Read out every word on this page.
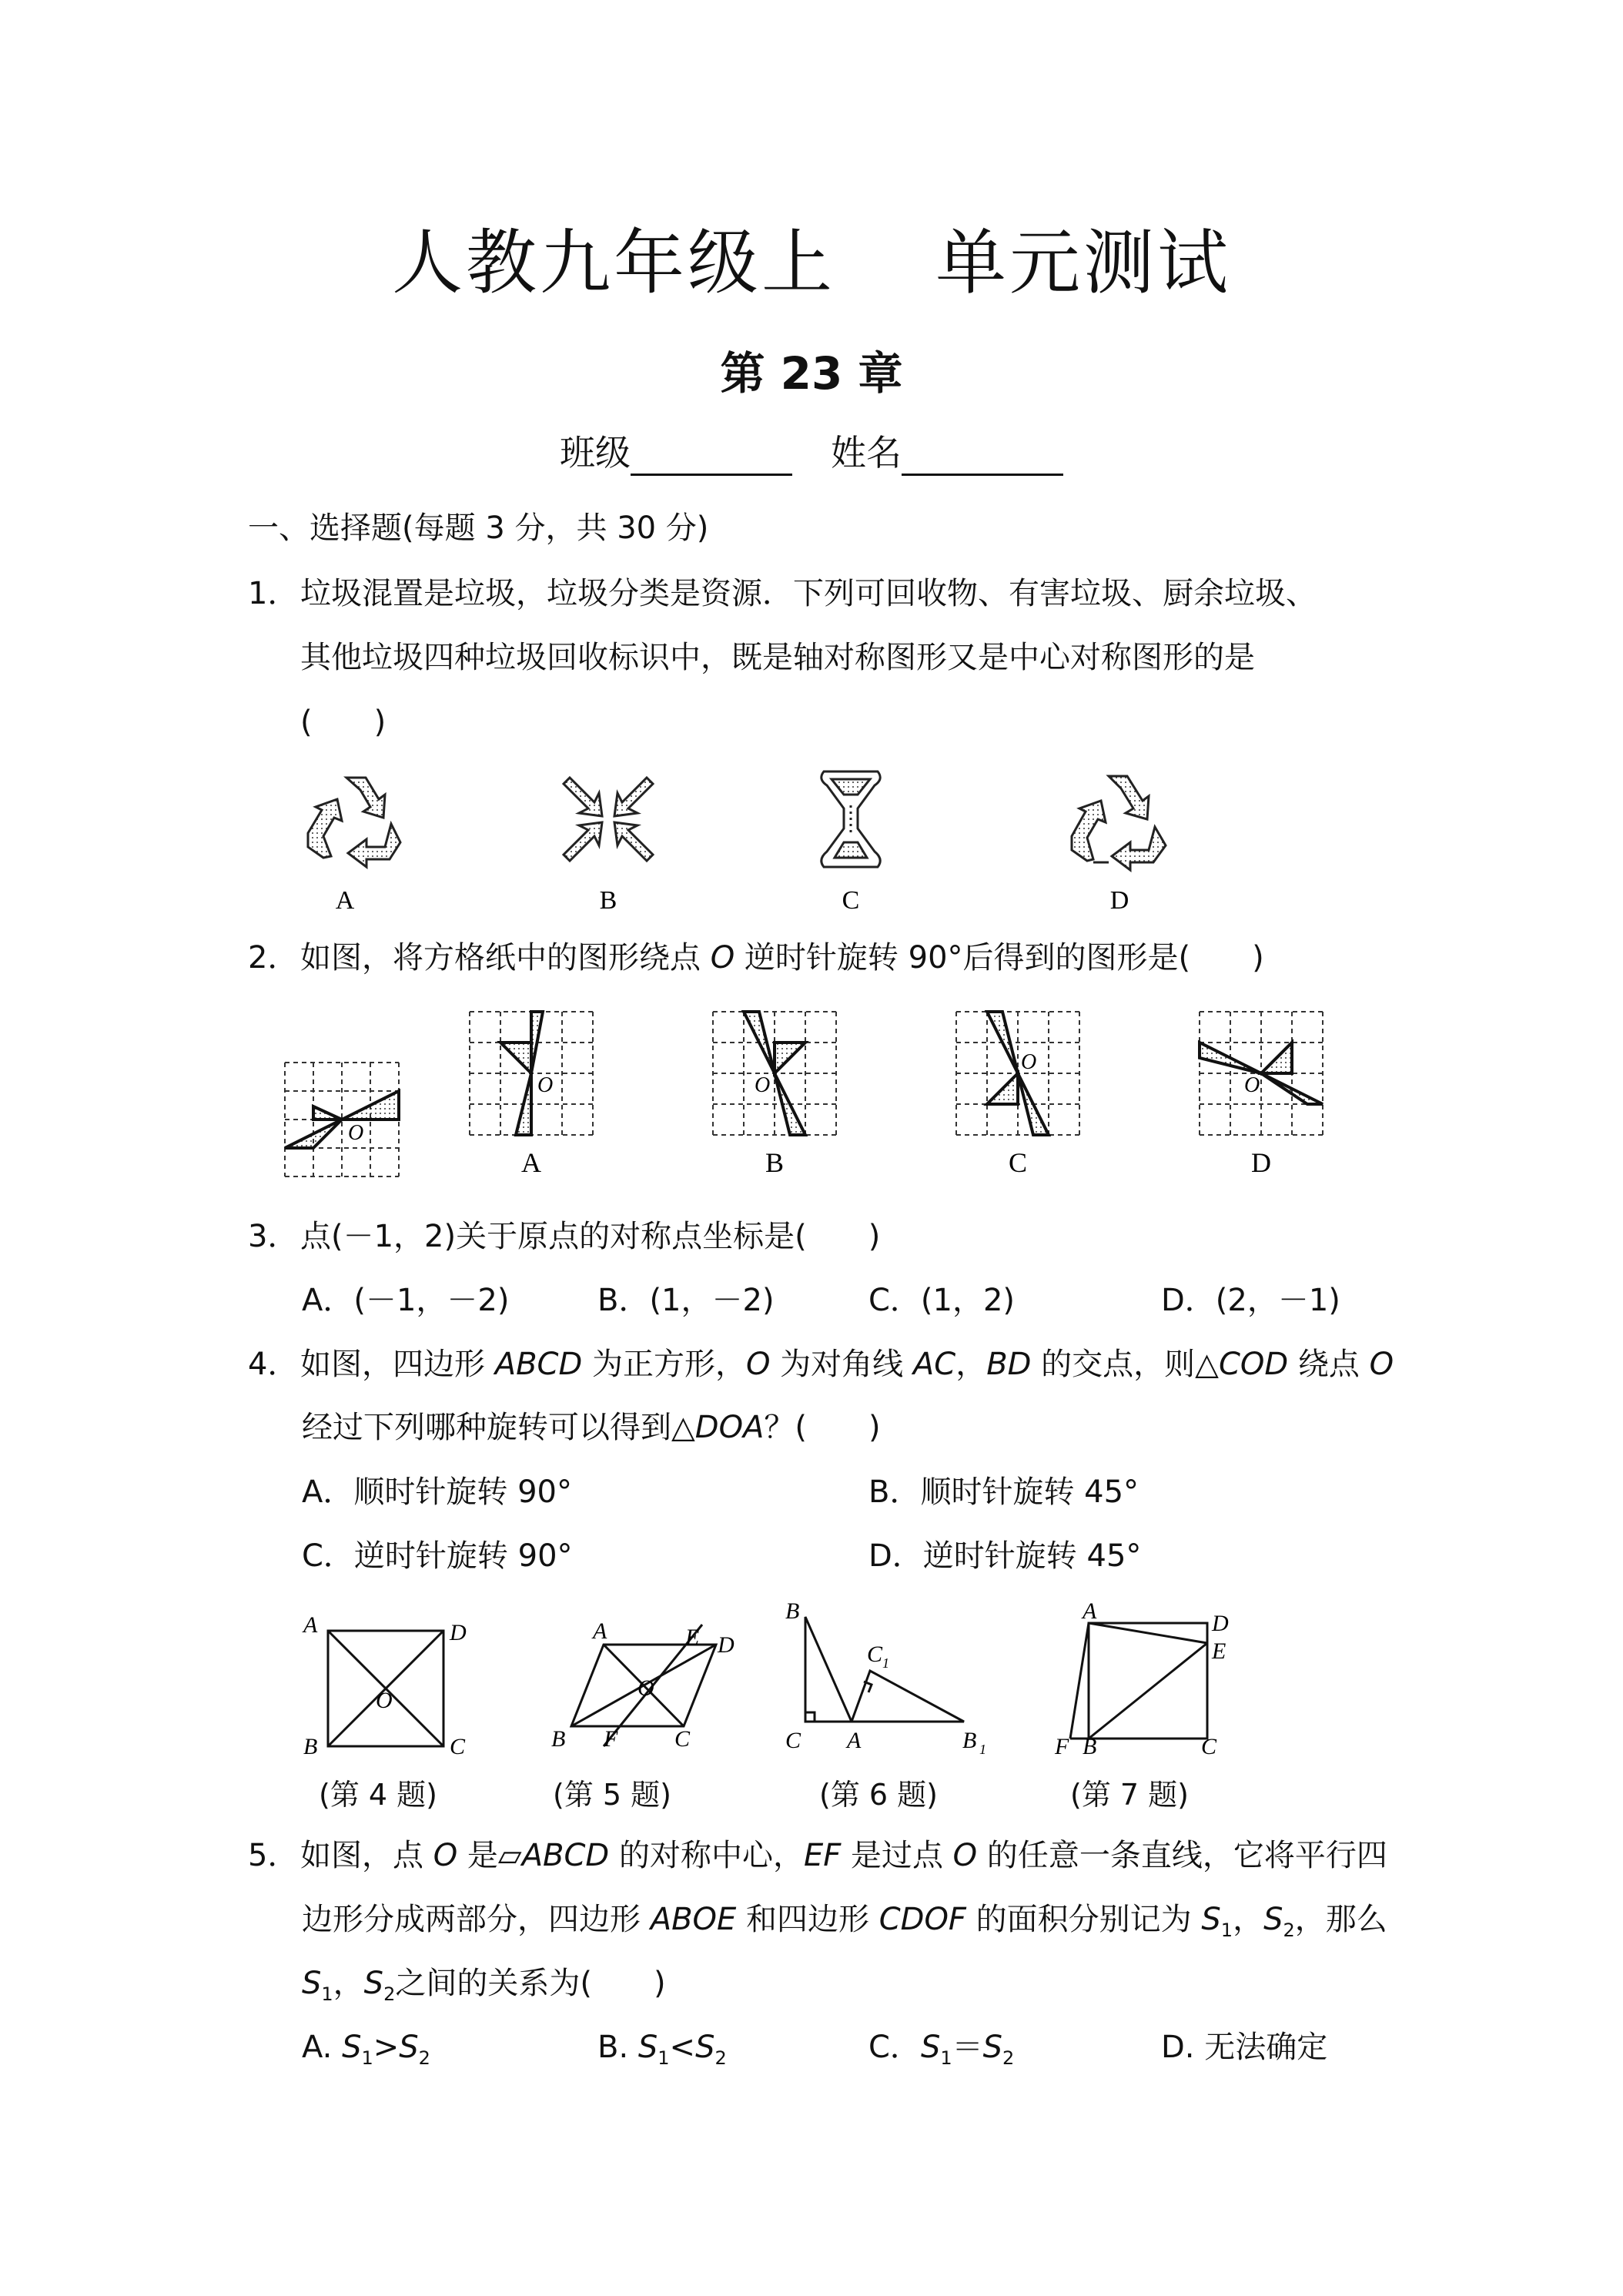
人教九年级上 单元测试
第 23 章
班级	姓名
一、选择题(每题 3 分，共 30 分)
1．垃圾混置是垃圾，垃圾分类是资源．下列可回收物、有害垃圾、厨余垃圾、
其他垃圾四种垃圾回收标识中，既是轴对称图形又是中心对称图形的是
(　　)
A	B	C	D
2．如图，将方格纸中的图形绕点 O 逆时针旋转 90°后得到的图形是(　　)
O
O	O
O
O
A	B	C	D
3．点(－1，2)关于原点的对称点坐标是(　　)
A．(－1，－2)	B．(1，－2)	C．(1，2)	D．(2，－1)
4．如图，四边形 ABCD 为正方形，O 为对角线 AC，BD 的交点，则△COD 绕点 O
经过下列哪种旋转可以得到△DOA？(　　)
A．顺时针旋转 90°	B．顺时针旋转 45°
C．逆时针旋转 90°	D．逆时针旋转 45°
A	D
B	C
O
A	E D
B F C
O
B
C 1
C A	B 1
A	D
E
F B	C
(第 4 题)	(第 5 题)	(第 6 题)	(第 7 题)
5．如图，点 O 是▱ABCD 的对称中心，EF 是过点 O 的任意一条直线，它将平行四
边形分成两部分，四边形 ABOE 和四边形 CDOF 的面积分别记为 $S_1$，$S_2$，那么
$S_1$，$S_2$之间的关系为(　　)
A. $S_1>S_2$	B. $S_1<S_2$	C．$S_1=S_2$	D. 无法确定
